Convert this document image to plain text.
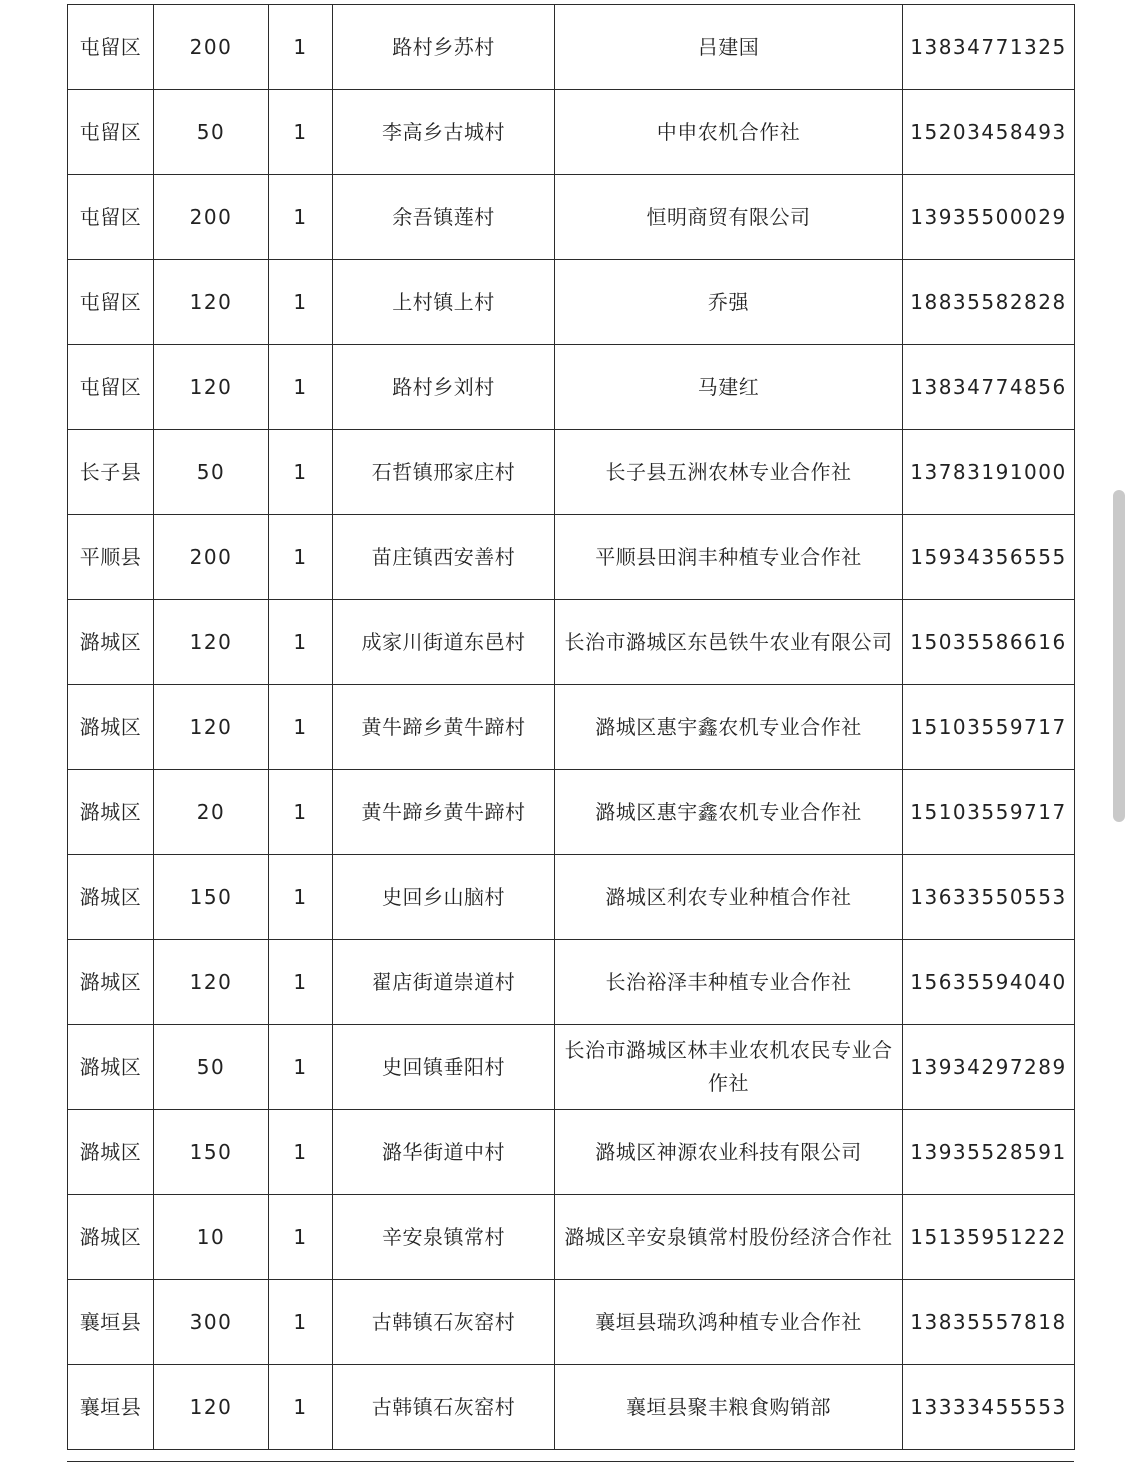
屯留区	200	1	路村乡苏村	吕建国	13834771325
屯留区	50	1	李高乡古城村	中申农机合作社	15203458493
屯留区	200	1	余吾镇莲村	恒明商贸有限公司	13935500029
屯留区	120	1	上村镇上村	乔强	18835582828
屯留区	120	1	路村乡刘村	马建红	13834774856
长子县	50	1	石哲镇邢家庄村	长子县五洲农林专业合作社	13783191000
平顺县	200	1	苗庄镇西安善村	平顺县田润丰种植专业合作社	15934356555
潞城区	120	1	成家川街道东邑村	长治市潞城区东邑铁牛农业有限公司	15035586616
潞城区	120	1	黄牛蹄乡黄牛蹄村	潞城区惠宇鑫农机专业合作社	15103559717
潞城区	20	1	黄牛蹄乡黄牛蹄村	潞城区惠宇鑫农机专业合作社	15103559717
潞城区	150	1	史回乡山脑村	潞城区利农专业种植合作社	13633550553
潞城区	120	1	翟店街道崇道村	长治裕泽丰种植专业合作社	15635594040
潞城区	50	1	史回镇垂阳村	长治市潞城区林丰业农机农民专业合作社	13934297289
潞城区	150	1	潞华街道中村	潞城区神源农业科技有限公司	13935528591
潞城区	10	1	辛安泉镇常村	潞城区辛安泉镇常村股份经济合作社	15135951222
襄垣县	300	1	古韩镇石灰窑村	襄垣县瑞玖鸿种植专业合作社	13835557818
襄垣县	120	1	古韩镇石灰窑村	襄垣县聚丰粮食购销部	13333455553
